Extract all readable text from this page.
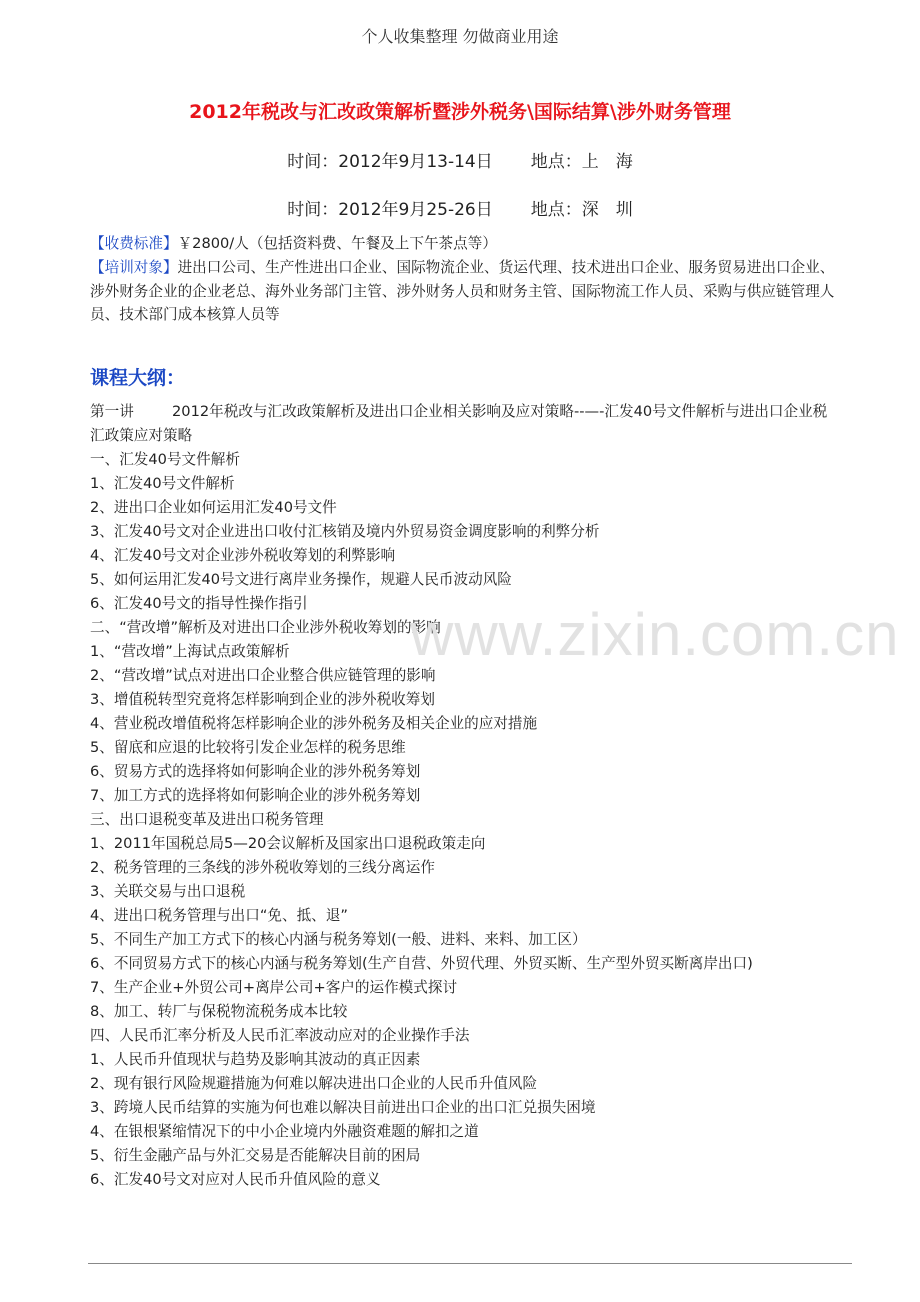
个人收集整理 勿做商业用途
2012年税改与汇改政策解析暨涉外税务\国际结算\涉外财务管理
时间：2012年9月13-14日 地点：上　海
时间：2012年9月25-26日 地点：深　圳
【收费标准】￥2800/人（包括资料费、午餐及上下午茶点等）
【培训对象】进出口公司、生产性进出口企业、国际物流企业、货运代理、技术进出口企业、服务贸易进出口企业、涉外财务企业的企业老总、海外业务部门主管、涉外财务人员和财务主管、国际物流工作人员、采购与供应链管理人员、技术部门成本核算人员等
课程大纲：
第一讲	2012年税改与汇改政策解析及进出口企业相关影响及应对策略--—-汇发40号文件解析与进出口企业税汇政策应对策略
一、汇发40号文件解析
1、汇发40号文件解析
2、进出口企业如何运用汇发40号文件
3、汇发40号文对企业进出口收付汇核销及境内外贸易资金调度影响的利弊分析
4、汇发40号文对企业涉外税收筹划的利弊影响
5、如何运用汇发40号文进行离岸业务操作，规避人民币波动风险
6、汇发40号文的指导性操作指引
二、“营改增”解析及对进出口企业涉外税收筹划的影响
1、“营改增”上海试点政策解析
2、“营改增”试点对进出口企业整合供应链管理的影响
3、增值税转型究竟将怎样影响到企业的涉外税收筹划
4、营业税改增值税将怎样影响企业的涉外税务及相关企业的应对措施
5、留底和应退的比较将引发企业怎样的税务思维
6、贸易方式的选择将如何影响企业的涉外税务筹划
7、加工方式的选择将如何影响企业的涉外税务筹划
三、出口退税变革及进出口税务管理
1、2011年国税总局5—20会议解析及国家出口退税政策走向
2、税务管理的三条线的涉外税收筹划的三线分离运作
3、关联交易与出口退税
4、进出口税务管理与出口“免、抵、退”
5、不同生产加工方式下的核心内涵与税务筹划(一般、进料、来料、加工区）
6、不同贸易方式下的核心内涵与税务筹划(生产自营、外贸代理、外贸买断、生产型外贸买断离岸出口)
7、生产企业+外贸公司+离岸公司+客户的运作模式探讨
8、加工、转厂与保税物流税务成本比较
四、人民币汇率分析及人民币汇率波动应对的企业操作手法
1、人民币升值现状与趋势及影响其波动的真正因素
2、现有银行风险规避措施为何难以解决进出口企业的人民币升值风险
3、跨境人民币结算的实施为何也难以解决目前进出口企业的出口汇兑损失困境
4、在银根紧缩情况下的中小企业境内外融资难题的解扣之道
5、衍生金融产品与外汇交易是否能解决目前的困局
6、汇发40号文对应对人民币升值风险的意义
www.zixin.com.cn
